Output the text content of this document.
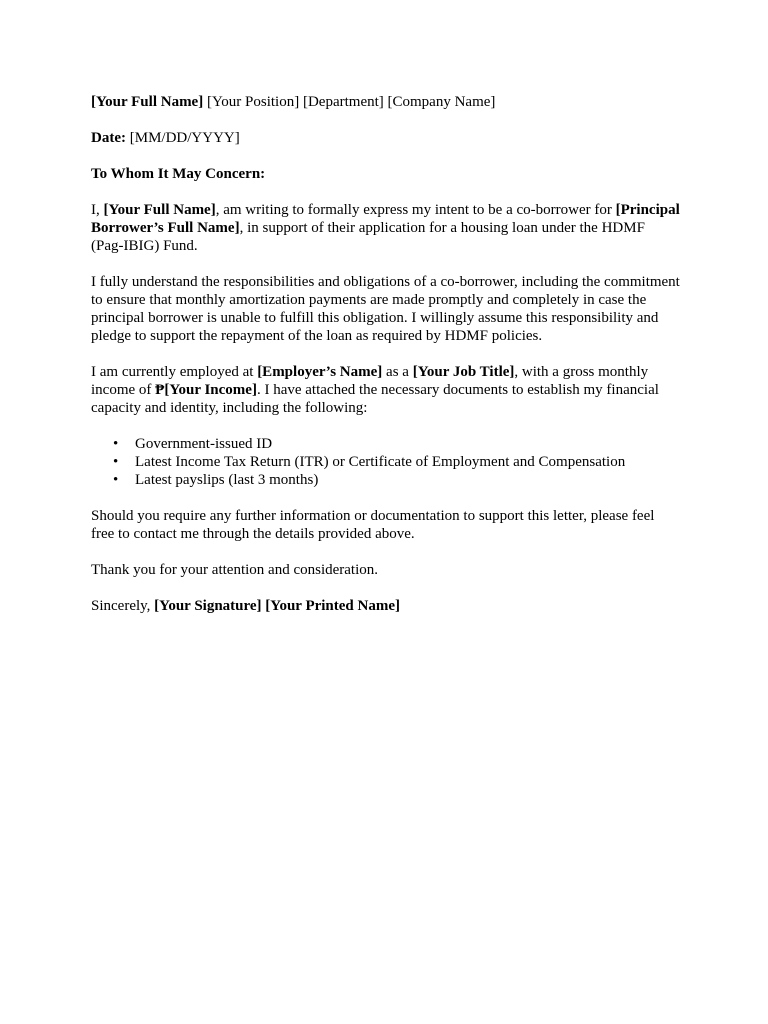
[Your Full Name] [Your Position] [Department] [Company Name]

Date: [MM/DD/YYYY]

To Whom It May Concern:

I, [Your Full Name], am writing to formally express my intent to be a co-borrower for [Principal Borrower’s Full Name], in support of their application for a housing loan under the HDMF (Pag-IBIG) Fund.

I fully understand the responsibilities and obligations of a co-borrower, including the commitment to ensure that monthly amortization payments are made promptly and completely in case the principal borrower is unable to fulfill this obligation. I willingly assume this responsibility and pledge to support the repayment of the loan as required by HDMF policies.

I am currently employed at [Employer’s Name] as a [Your Job Title], with a gross monthly income of ₱[Your Income]. I have attached the necessary documents to establish my financial capacity and identity, including the following:

• Government-issued ID
• Latest Income Tax Return (ITR) or Certificate of Employment and Compensation
• Latest payslips (last 3 months)

Should you require any further information or documentation to support this letter, please feel free to contact me through the details provided above.

Thank you for your attention and consideration.

Sincerely, [Your Signature] [Your Printed Name]
